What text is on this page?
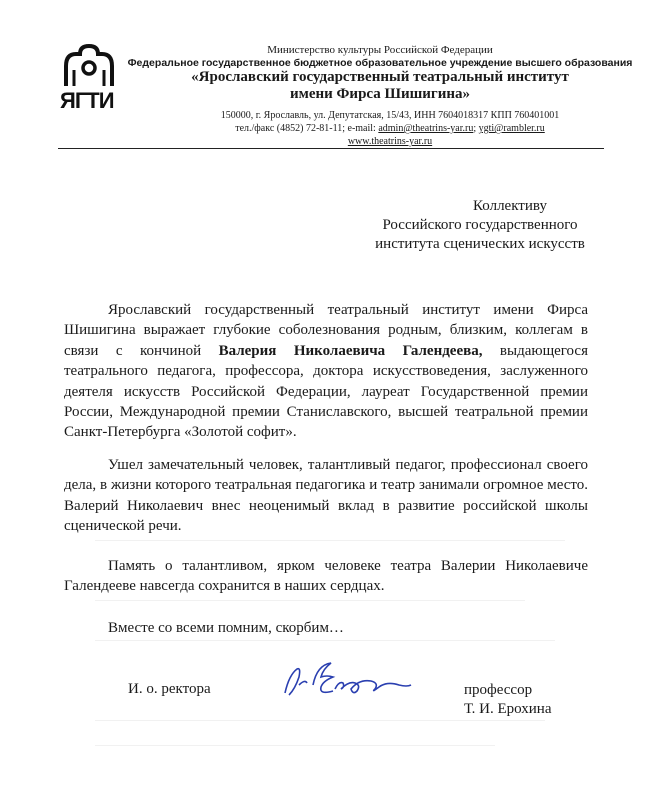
ЯГТИ
Министерство культуры Российской Федерации
Федеральное государственное бюджетное образовательное учреждение высшего образования
«Ярославский государственный театральный институт
имени Фирса Шишигина»
150000, г. Ярославль, ул. Депутатская, 15/43, ИНН 7604018317 КПП 760401001
тел./факс (4852) 72-81-11; e-mail: admin@theatrins-yar.ru; ygti@rambler.ru
www.theatrins-yar.ru
Коллективу
Российского государственного
института сценических искусств
Ярославский государственный театральный институт имени Фирса Шишигина выражает глубокие соболезнования родным, близким, коллегам в связи с кончиной Валерия Николаевича Галендеева, выдающегося театрального педагога, профессора, доктора искусствоведения, заслуженного деятеля искусств Российской Федерации, лауреат Государственной премии России, Международной премии Станиславского, высшей театральной премии Санкт-Петербурга «Золотой софит».
Ушел замечательный человек, талантливый педагог, профессионал своего дела, в жизни которого театральная педагогика и театр занимали огромное место. Валерий Николаевич внес неоценимый вклад в развитие российской школы сценической речи.
Память о талантливом, ярком человеке театра Валерии Николаевиче Галендееве навсегда сохранится в наших сердцах.
Вместе со всеми помним, скорбим…
И. о. ректора	профессор
Т. И. Ерохина
